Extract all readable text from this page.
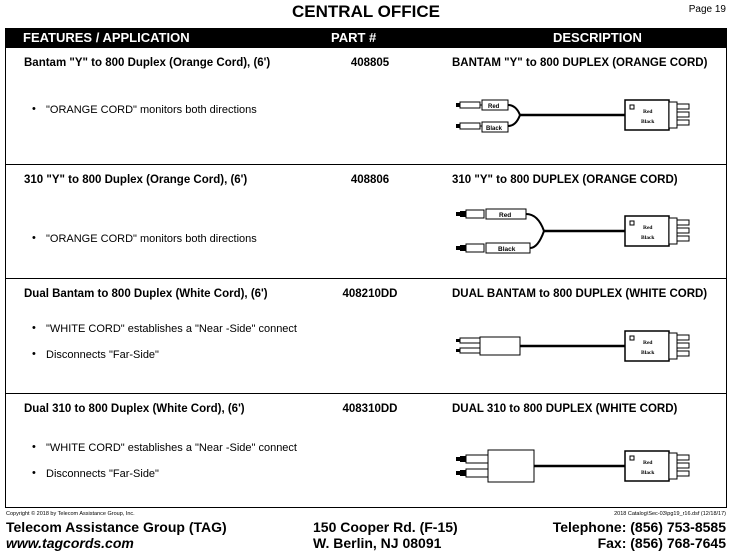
CENTRAL OFFICE	Page 19
FEATURES / APPLICATION	PART #	DESCRIPTION
Bantam "Y" to 800 Duplex (Orange Cord), (6')	408805	BANTAM "Y" to 800 DUPLEX (ORANGE CORD)
• "ORANGE CORD" monitors both directions	Red
Black
Red
Black
310 "Y" to 800 Duplex (Orange Cord), (6')	408806	310 "Y" to 800 DUPLEX (ORANGE CORD)
• "ORANGE CORD" monitors both directions
Red
Black
Red
Black
Dual Bantam to 800 Duplex (White Cord), (6')	408210DD	DUAL BANTAM to 800 DUPLEX (WHITE CORD)
• "WHITE CORD" establishes a "Near -Side" connect
• Disconnects "Far-Side"
Red
Black
Dual 310 to 800 Duplex (White Cord), (6')	408310DD	DUAL 310 to 800 DUPLEX (WHITE CORD)
• "WHITE CORD" establishes a "Near -Side" connect
• Disconnects "Far-Side"
Red
Black
Copyright © 2018 by Telecom Assistance Group, Inc.	2018 Catalog\Sec-03\pg19_r16.dsf (12/18/17)
Telecom Assistance Group (TAG)
www.tagcords.com
150 Cooper Rd. (F-15)
W. Berlin, NJ 08091
Telephone: (856) 753-8585
Fax: (856) 768-7645
